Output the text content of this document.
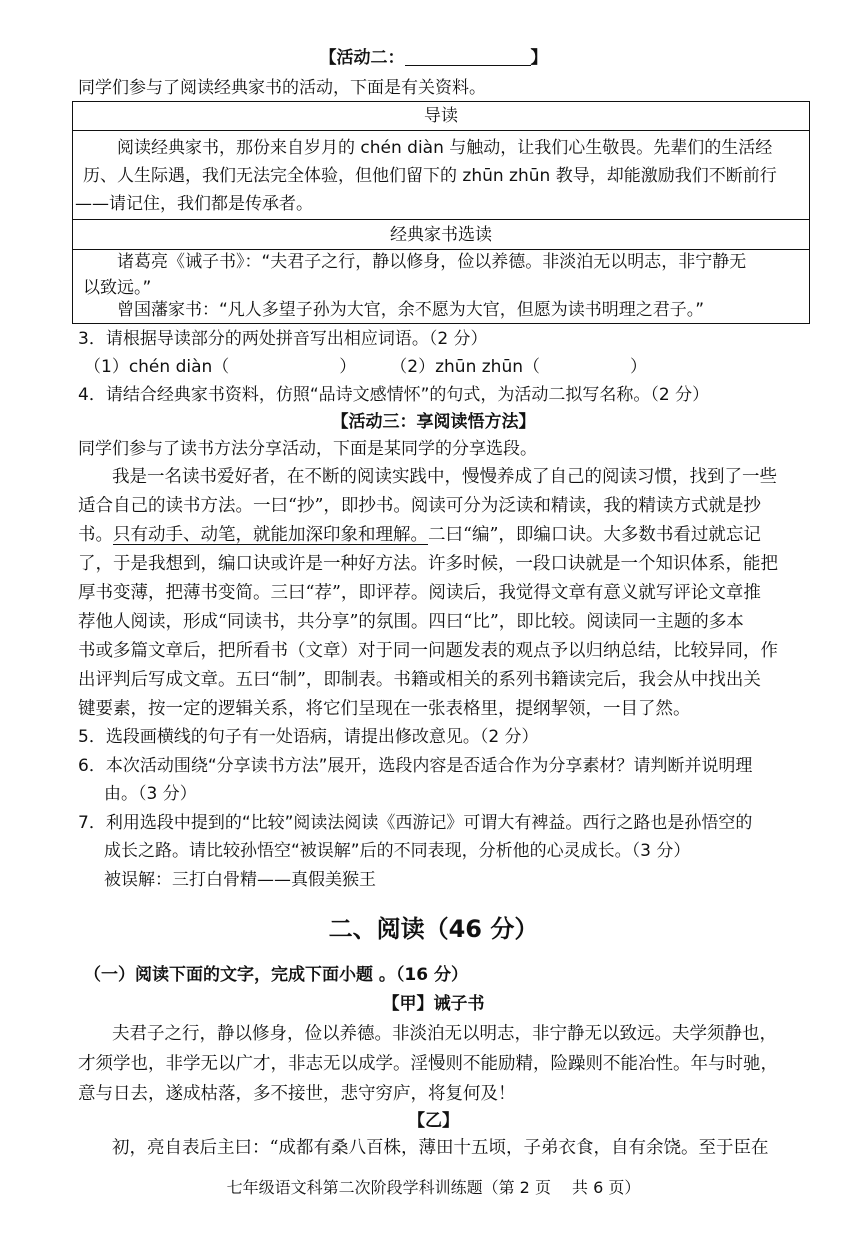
【活动二：	】
同学们参与了阅读经典家书的活动，下面是有关资料。
导读
阅读经典家书，那份来自岁月的 chén diàn 与触动，让我们心生敬畏。先辈们的生活经
历、人生际遇，我们无法完全体验，但他们留下的 zhūn zhūn 教导，却能激励我们不断前行
——请记住，我们都是传承者。
经典家书选读
诸葛亮《诫子书》：“夫君子之行，静以修身，俭以养德。非淡泊无以明志，非宁静无
以致远。”
曾国藩家书：“凡人多望子孙为大官，余不愿为大官，但愿为读书明理之君子。”
3．请根据导读部分的两处拼音写出相应词语。（2 分）
（1）chén diàn（	） （2）zhūn zhūn（	）
4．请结合经典家书资料，仿照“品诗文感情怀”的句式，为活动二拟写名称。（2 分）
【活动三：享阅读悟方法】
同学们参与了读书方法分享活动，下面是某同学的分享选段。
我是一名读书爱好者，在不断的阅读实践中，慢慢养成了自己的阅读习惯，找到了一些
适合自己的读书方法。一曰“抄”，即抄书。阅读可分为泛读和精读，我的精读方式就是抄
书。只有动手、动笔，就能加深印象和理解。二曰“编”，即编口诀。大多数书看过就忘记
了，于是我想到，编口诀或许是一种好方法。许多时候，一段口诀就是一个知识体系，能把
厚书变薄，把薄书变简。三曰“荐”，即评荐。阅读后，我觉得文章有意义就写评论文章推
荐他人阅读，形成“同读书，共分享”的氛围。四曰“比”，即比较。阅读同一主题的多本
书或多篇文章后，把所看书（文章）对于同一问题发表的观点予以归纳总结，比较异同，作
出评判后写成文章。五曰“制”，即制表。书籍或相关的系列书籍读完后，我会从中找出关
键要素，按一定的逻辑关系，将它们呈现在一张表格里，提纲挈领，一目了然。
5．选段画横线的句子有一处语病，请提出修改意见。（2 分）
6．本次活动围绕“分享读书方法”展开，选段内容是否适合作为分享素材？请判断并说明理
由。（3 分）
7．利用选段中提到的“比较”阅读法阅读《西游记》可谓大有裨益。西行之路也是孙悟空的
成长之路。请比较孙悟空“被误解”后的不同表现，分析他的心灵成长。（3 分）
被误解：三打白骨精——真假美猴王
二、阅读（46 分）
（一）阅读下面的文字，完成下面小题 。（16 分）
【甲】诫子书
夫君子之行，静以修身，俭以养德。非淡泊无以明志，非宁静无以致远。夫学须静也，
才须学也，非学无以广才，非志无以成学。淫慢则不能励精，险躁则不能冶性。年与时驰，
意与日去，遂成枯落，多不接世，悲守穷庐，将复何及！
【乙】
初，亮自表后主曰：“成都有桑八百株，薄田十五顷，子弟衣食，自有余饶。至于臣在
七年级语文科第二次阶段学科训练题（第 2 页　 共 6 页）
